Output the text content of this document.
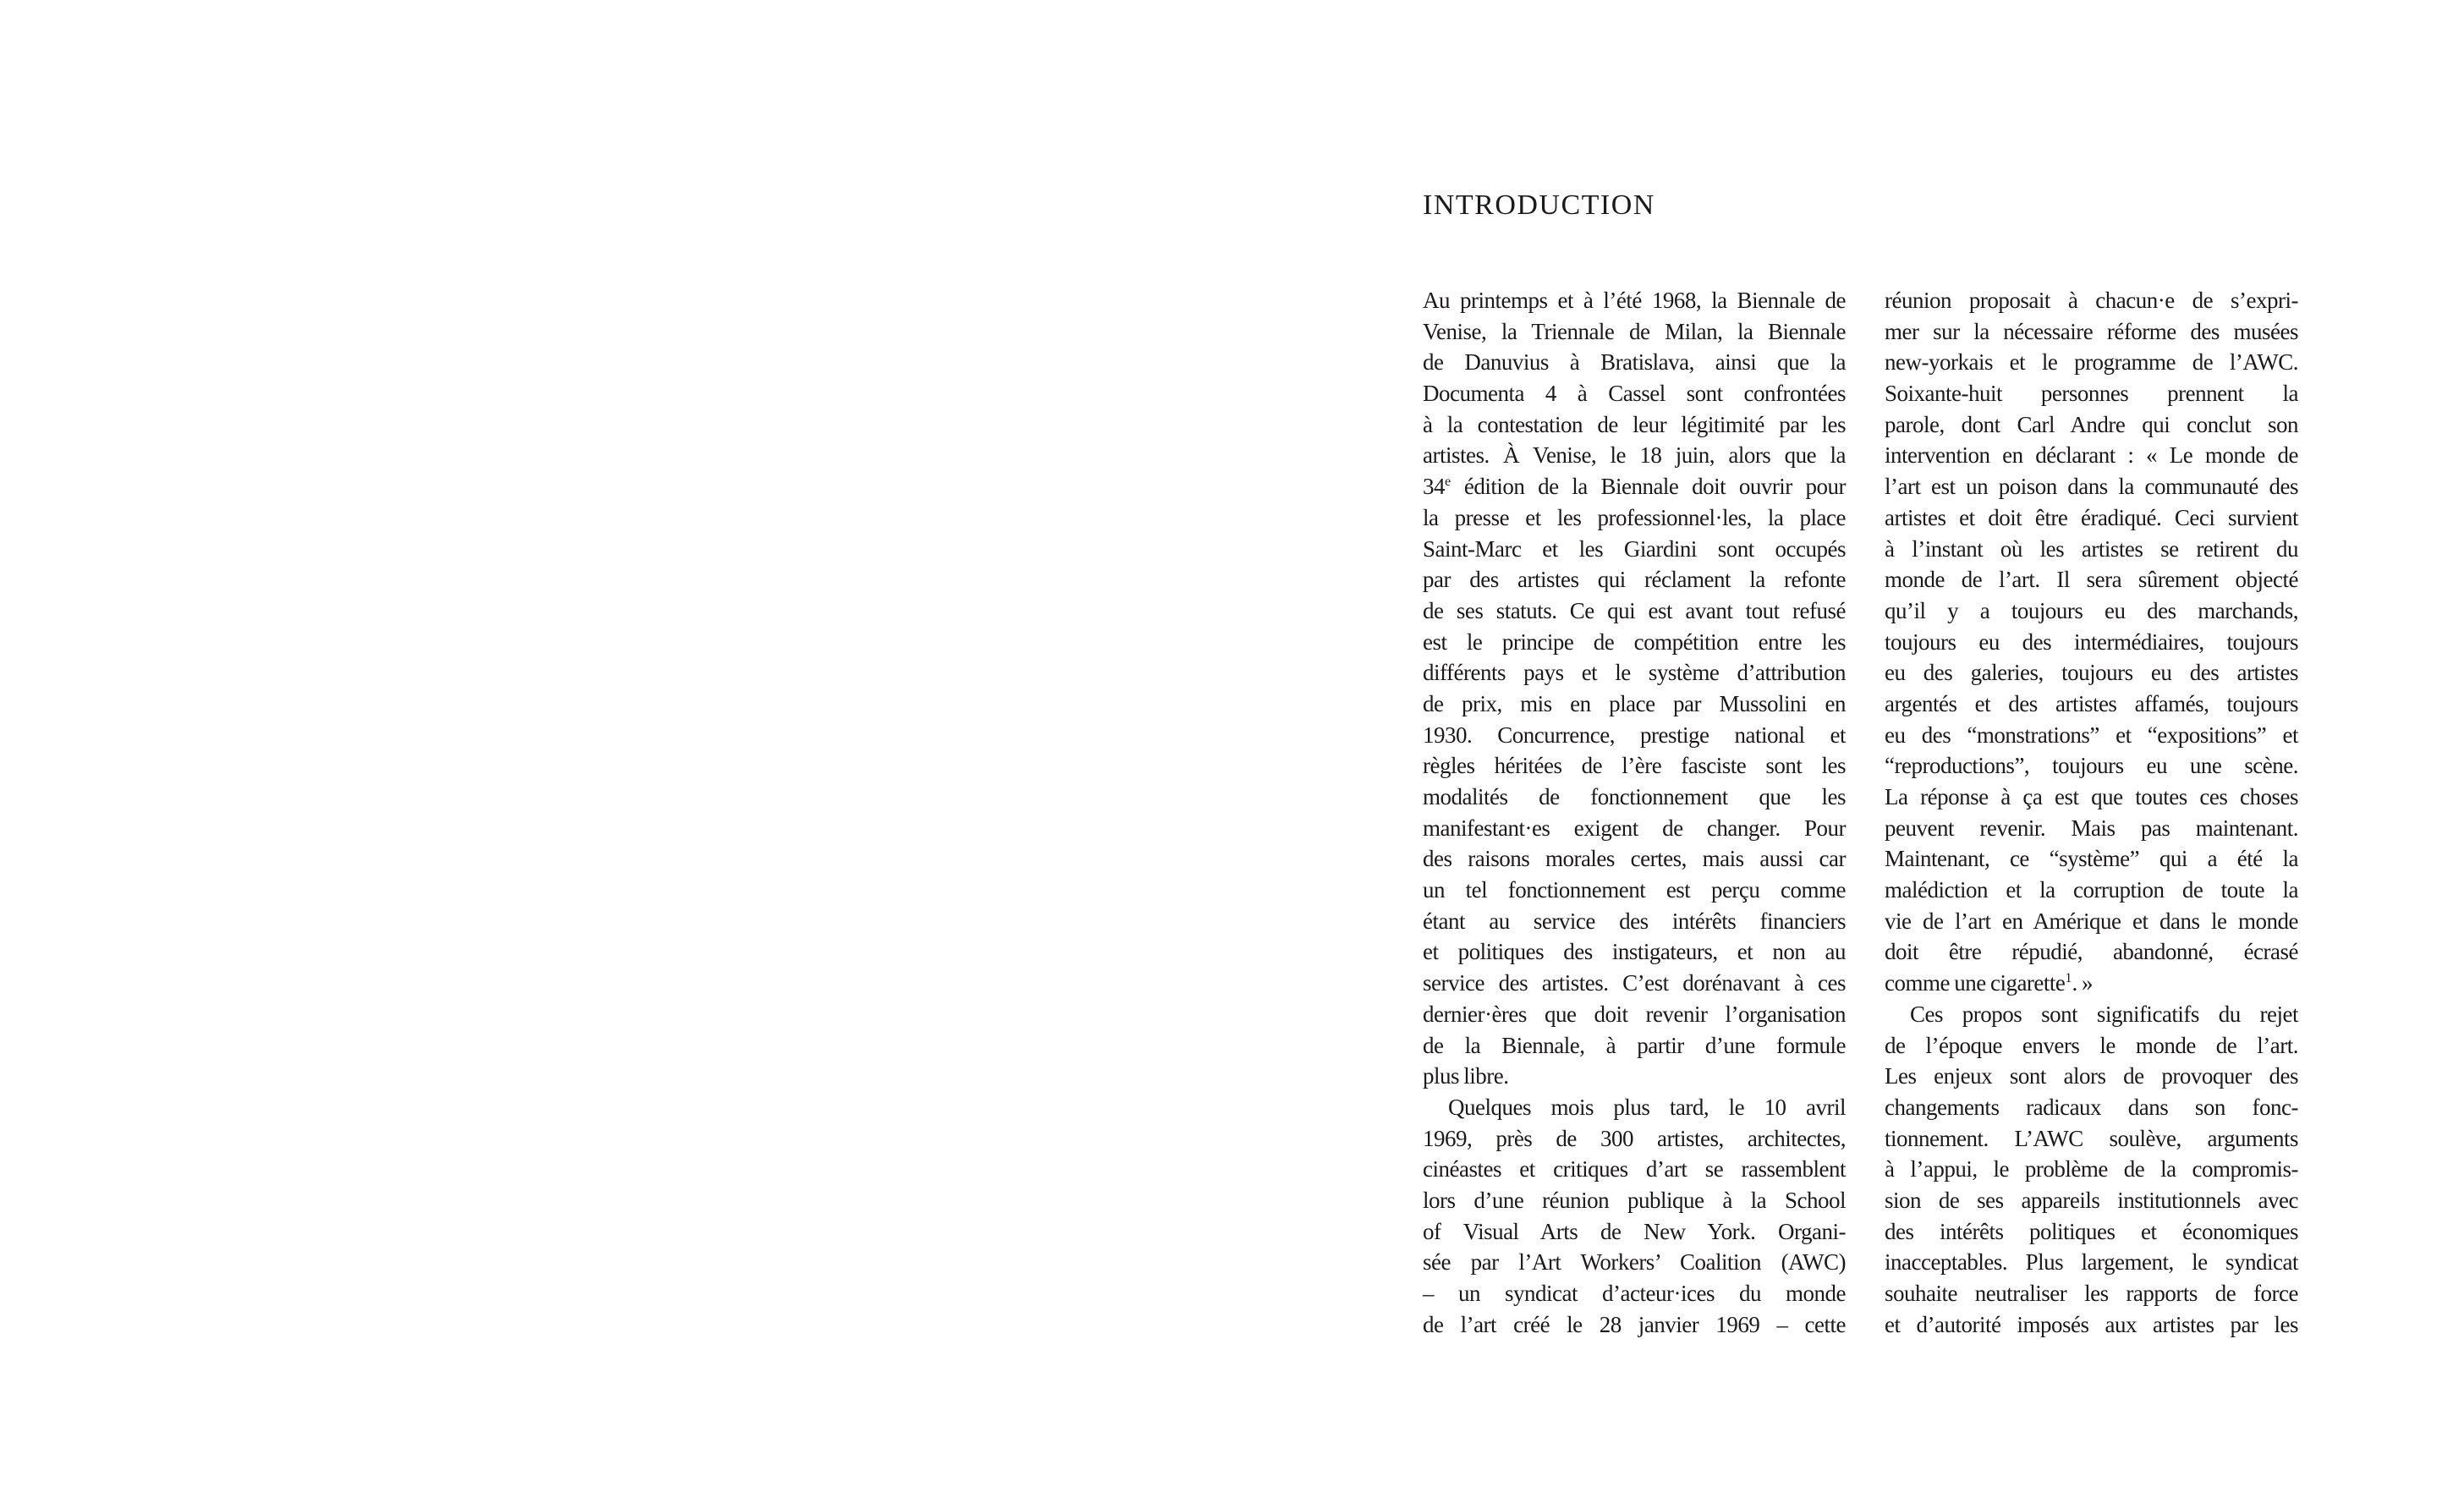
INTRODUCTION
Au printemps et à l’été 1968, la Biennale de
Venise, la Triennale de Milan, la Biennale
de Danuvius à Bratislava, ainsi que la
Documenta 4 à Cassel sont confrontées
à la contestation de leur légitimité par les
artistes. À Venise, le 18 juin, alors que la
34e édition de la Biennale doit ouvrir pour
la presse et les professionnel·les, la place
Saint-Marc et les Giardini sont occupés
par des artistes qui réclament la refonte
de ses statuts. Ce qui est avant tout refusé
est le principe de compétition entre les
différents pays et le système d’attribution
de prix, mis en place par Mussolini en
1930. Concurrence, prestige national et
règles héritées de l’ère fasciste sont les
modalités de fonctionnement que les
manifestant·es exigent de changer. Pour
des raisons morales certes, mais aussi car
un tel fonctionnement est perçu comme
étant au service des intérêts financiers
et politiques des instigateurs, et non au
service des artistes. C’est dorénavant à ces
dernier·ères que doit revenir l’organisation
de la Biennale, à partir d’une formule
plus libre.
Quelques mois plus tard, le 10 avril
1969, près de 300 artistes, architectes,
cinéastes et critiques d’art se rassemblent
lors d’une réunion publique à la School
of Visual Arts de New York. Organi-
sée par l’Art Workers’ Coalition (AWC)
– un syndicat d’acteur·ices du monde
de l’art créé le 28 janvier 1969 – cette
réunion proposait à chacun·e de s’expri-
mer sur la nécessaire réforme des musées
new-yorkais et le programme de l’AWC.
Soixante-huit personnes prennent la
parole, dont Carl Andre qui conclut son
intervention en déclarant : « Le monde de
l’art est un poison dans la communauté des
artistes et doit être éradiqué. Ceci survient
à l’instant où les artistes se retirent du
monde de l’art. Il sera sûrement objecté
qu’il y a toujours eu des marchands,
toujours eu des intermédiaires, toujours
eu des galeries, toujours eu des artistes
argentés et des artistes affamés, toujours
eu des “monstrations” et “expositions” et
“reproductions”, toujours eu une scène.
La réponse à ça est que toutes ces choses
peuvent revenir. Mais pas maintenant.
Maintenant, ce “système” qui a été la
malédiction et la corruption de toute la
vie de l’art en Amérique et dans le monde
doit être répudié, abandonné, écrasé
comme une cigarette$^1$. »
Ces propos sont significatifs du rejet
de l’époque envers le monde de l’art.
Les enjeux sont alors de provoquer des
changements radicaux dans son fonc-
tionnement. L’AWC soulève, arguments
à l’appui, le problème de la compromis-
sion de ses appareils institutionnels avec
des intérêts politiques et économiques
inacceptables. Plus largement, le syndicat
souhaite neutraliser les rapports de force
et d’autorité imposés aux artistes par les
